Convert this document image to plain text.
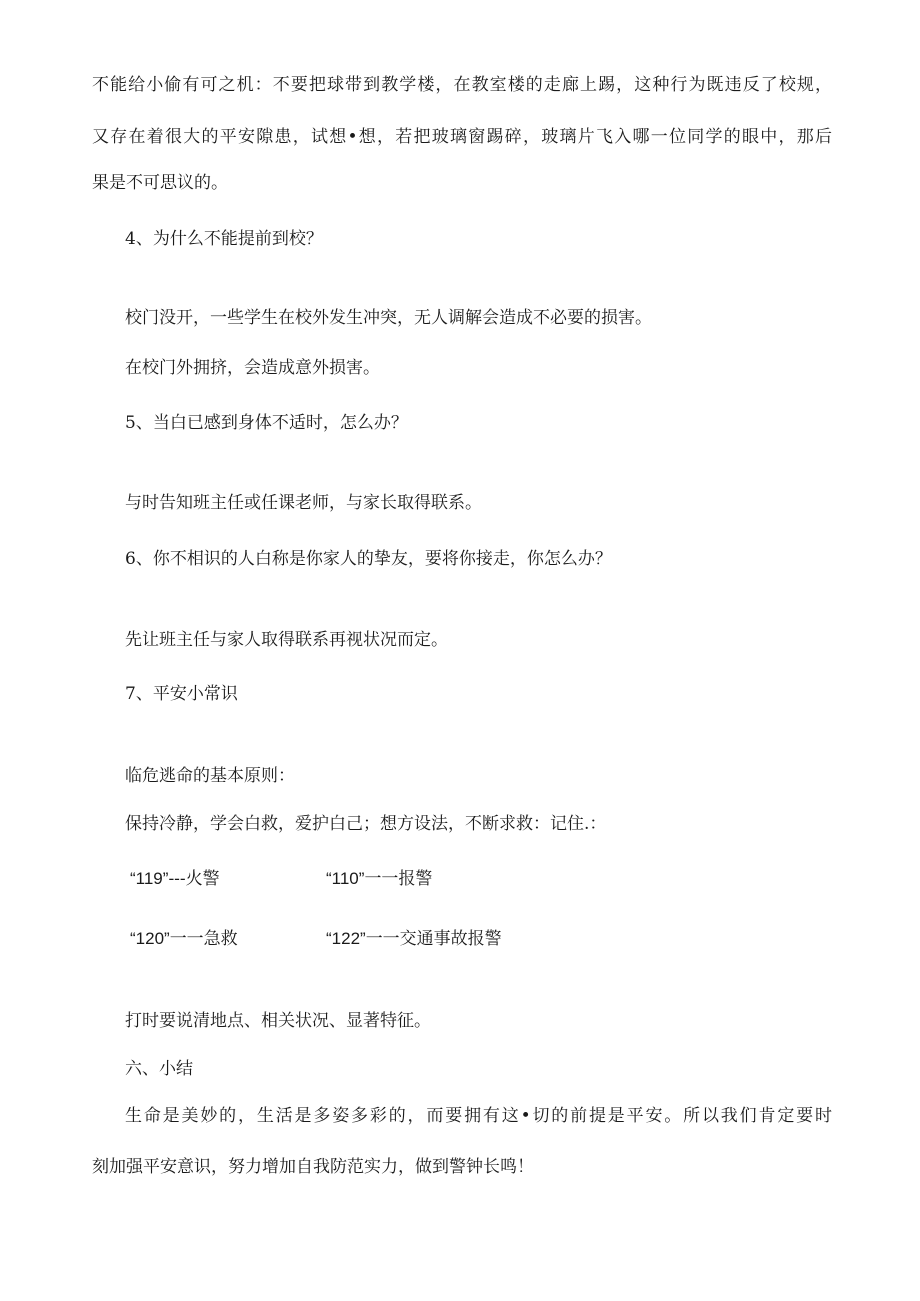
不能给小偷有可之机：不要把球带到教学楼，在教室楼的走廊上踢，这种行为既违反了校规，
又存在着很大的平安隙患，试想•想，若把玻璃窗踢碎，玻璃片飞入哪一位同学的眼中，那后
果是不可思议的。
4、为什么不能提前到校？
校门没开，一些学生在校外发生冲突，无人调解会造成不必要的损害。
在校门外拥挤，会造成意外损害。
5、当白已感到身体不适时，怎么办？
与时告知班主任或任课老师，与家长取得联系。
6、你不相识的人白称是你家人的挚友，要将你接走，你怎么办？
先让班主任与家人取得联系再视状况而定。
7、平安小常识
临危逃命的基本原则：
保持冷静，学会白救，爱护白己；想方设法，不断求救：记住.：
“119”---火警	“110”一一报警
“120”一一急救	“122”一一交通事故报警
打时要说清地点、相关状况、显著特征。
六、小结
生命是美妙的，生活是多姿多彩的，而要拥有这•切的前提是平安。所以我们肯定要时
刻加强平安意识，努力增加自我防范实力，做到警钟长鸣！
